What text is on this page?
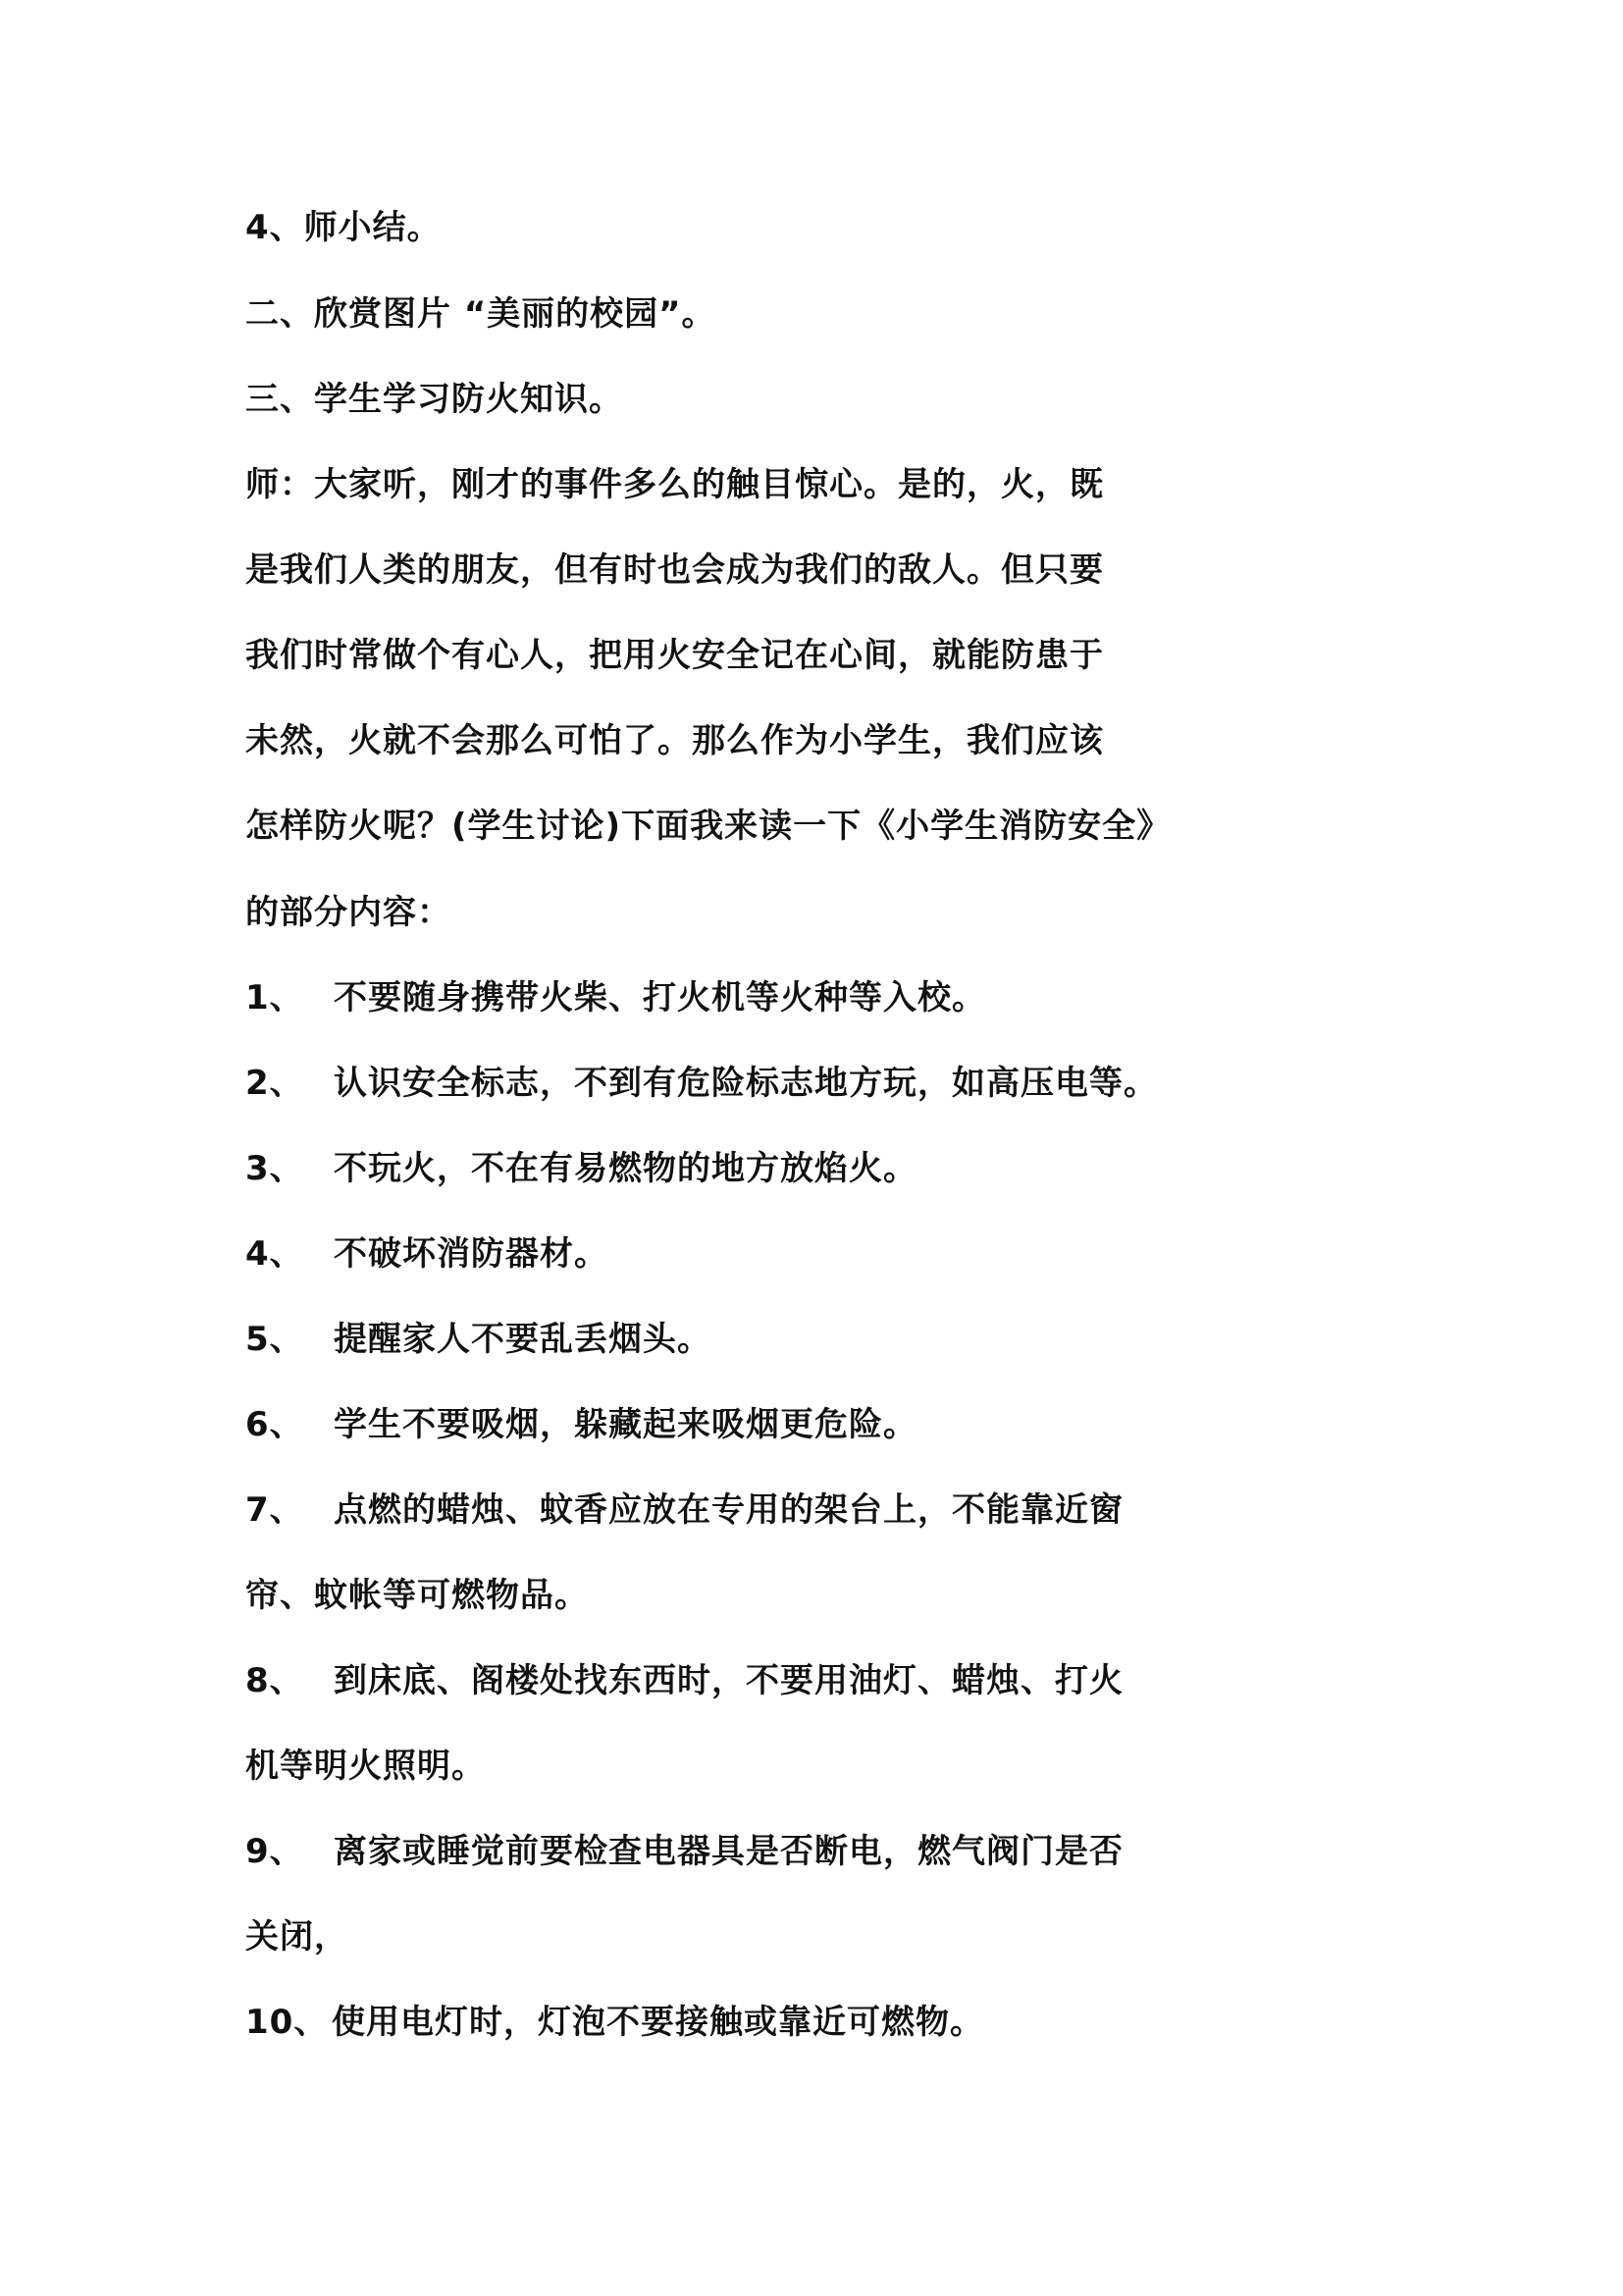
4、师小结。
二、欣赏图片 “美丽的校园”。
三、学生学习防火知识。
师：大家听，刚才的事件多么的触目惊心。是的，火，既
是我们人类的朋友，但有时也会成为我们的敌人。但只要
我们时常做个有心人，把用火安全记在心间，就能防患于
未然，火就不会那么可怕了。那么作为小学生，我们应该
怎样防火呢？(学生讨论)下面我来读一下《小学生消防安全》
的部分内容：
1、 不要随身携带火柴、打火机等火种等入校。
2、 认识安全标志，不到有危险标志地方玩，如高压电等。
3、 不玩火，不在有易燃物的地方放焰火。
4、 不破坏消防器材。
5、 提醒家人不要乱丢烟头。
6、 学生不要吸烟，躲藏起来吸烟更危险。
7、 点燃的蜡烛、蚊香应放在专用的架台上，不能靠近窗
帘、蚊帐等可燃物品。
8、 到床底、阁楼处找东西时，不要用油灯、蜡烛、打火
机等明火照明。
9、 离家或睡觉前要检查电器具是否断电，燃气阀门是否
关闭，
10、 使用电灯时，灯泡不要接触或靠近可燃物。
